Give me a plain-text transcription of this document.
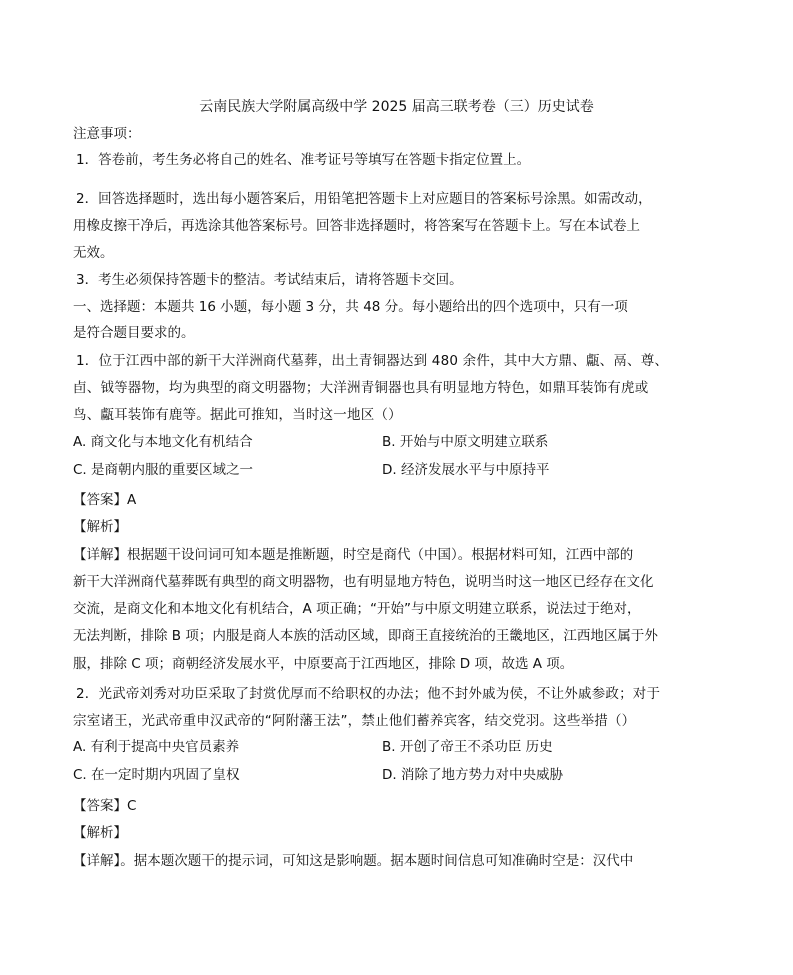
云南民族大学附属高级中学 2025 届高三联考卷（三）历史试卷
注意事项：
1．答卷前，考生务必将自己的姓名、准考证号等填写在答题卡指定位置上。
2．回答选择题时，选出每小题答案后，用铅笔把答题卡上对应题目的答案标号涂黑。如需改动，
用橡皮擦干净后，再选涂其他答案标号。回答非选择题时，将答案写在答题卡上。写在本试卷上
无效。
3．考生必须保持答题卡的整洁。考试结束后，请将答题卡交回。
一、选择题：本题共 16 小题，每小题 3 分，共 48 分。每小题给出的四个选项中，只有一项
是符合题目要求的。
1．位于江西中部的新干大洋洲商代墓葬，出土青铜器达到 480 余件，其中大方鼎、甗、鬲、尊、
卣、钺等器物，均为典型的商文明器物；大洋洲青铜器也具有明显地方特色，如鼎耳装饰有虎或
鸟、甗耳装饰有鹿等。据此可推知，当时这一地区（）
A. 商文化与本地文化有机结合	B. 开始与中原文明建立联系
C. 是商朝内服的重要区域之一	D. 经济发展水平与中原持平
【答案】A
【解析】
【详解】根据题干设问词可知本题是推断题，时空是商代（中国）。根据材料可知，江西中部的
新干大洋洲商代墓葬既有典型的商文明器物，也有明显地方特色，说明当时这一地区已经存在文化
交流，是商文化和本地文化有机结合，A 项正确；“开始”与中原文明建立联系，说法过于绝对，
无法判断，排除 B 项；内服是商人本族的活动区域，即商王直接统治的王畿地区，江西地区属于外
服，排除 C 项；商朝经济发展水平，中原要高于江西地区，排除 D 项，故选 A 项。
2．光武帝刘秀对功臣采取了封赏优厚而不给职权的办法；他不封外戚为侯，不让外戚参政；对于
宗室诸王，光武帝重申汉武帝的“阿附藩王法”，禁止他们蓄养宾客，结交党羽。这些举措（）
A. 有利于提高中央官员素养	B. 开创了帝王不杀功臣 历史
C. 在一定时期内巩固了皇权	D. 消除了地方势力对中央威胁
【答案】C
【解析】
【详解】。据本题次题干的提示词，可知这是影响题。据本题时间信息可知准确时空是：汉代中
